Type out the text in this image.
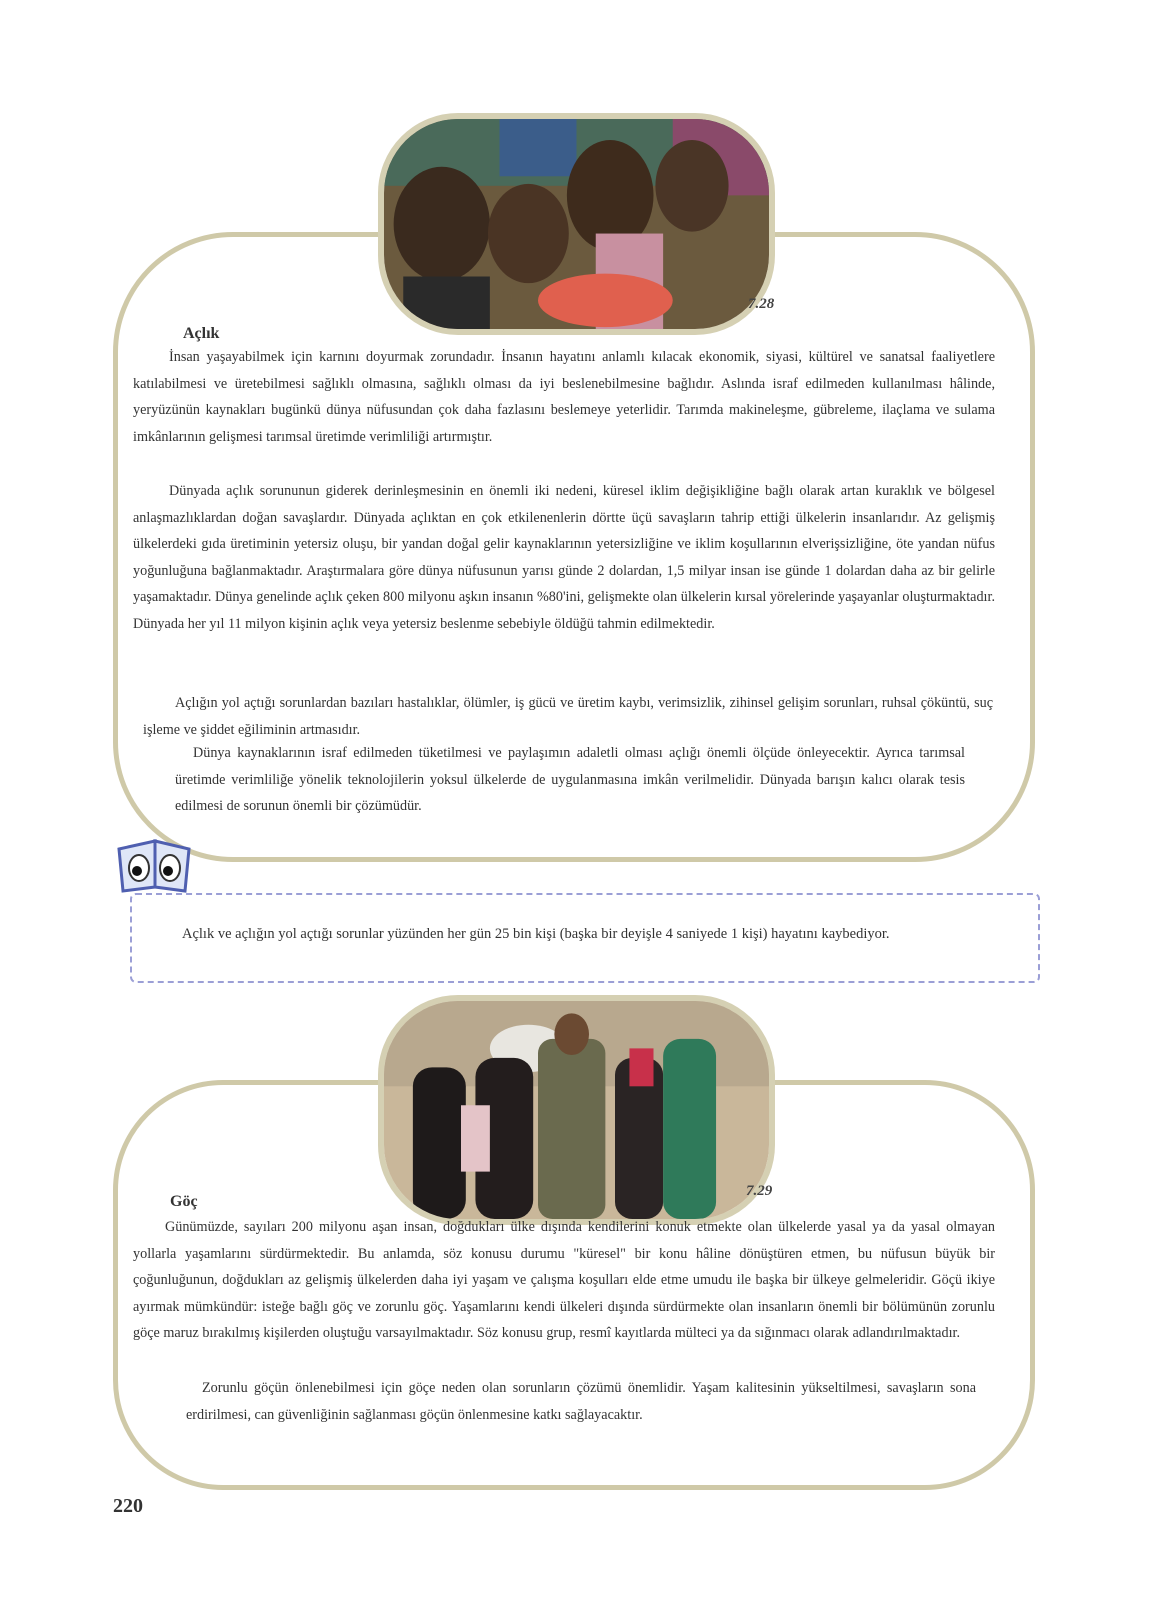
7.28
Açlık

İnsan yaşayabilmek için karnını doyurmak zorundadır. İnsanın hayatını anlamlı kılacak ekonomik, siyasi, kültürel ve sanatsal faaliyetlere katılabilmesi ve üretebilmesi sağlıklı olmasına, sağlıklı olması da iyi beslenebilmesine bağlıdır. Aslında israf edilmeden kullanılması hâlinde, yeryüzünün kaynakları bugünkü dünya nüfusundan çok daha fazlasını beslemeye yeterlidir. Tarımda makineleşme, gübreleme, ilaçlama ve sulama imkânlarının gelişmesi tarımsal üretimde verimliliği artırmıştır.

Dünyada açlık sorununun giderek derinleşmesinin en önemli iki nedeni, küresel iklim değişikliğine bağlı olarak artan kuraklık ve bölgesel anlaşmazlıklardan doğan savaşlardır. Dünyada açlıktan en çok etkilenenlerin dörtte üçü savaşların tahrip ettiği ülkelerin insanlarıdır. Az gelişmiş ülkelerdeki gıda üretiminin yetersiz oluşu, bir yandan doğal gelir kaynaklarının yetersizliğine ve iklim koşullarının elverişsizliğine, öte yandan nüfus yoğunluğuna bağlanmaktadır. Araştırmalara göre dünya nüfusunun yarısı günde 2 dolardan, 1,5 milyar insan ise günde 1 dolardan daha az bir gelirle yaşamaktadır. Dünya genelinde açlık çeken 800 milyonu aşkın insanın %80'ini, gelişmekte olan ülkelerin kırsal yörelerinde yaşayanlar oluşturmaktadır. Dünyada her yıl 11 milyon kişinin açlık veya yetersiz beslenme sebebiyle öldüğü tahmin edilmektedir.

Açlığın yol açtığı sorunlardan bazıları hastalıklar, ölümler, iş gücü ve üretim kaybı, verimsizlik, zihinsel gelişim sorunları, ruhsal çöküntü, suç işleme ve şiddet eğiliminin artmasıdır.

Dünya kaynaklarının israf edilmeden tüketilmesi ve paylaşımın adaletli olması açlığı önemli ölçüde önleyecektir. Ayrıca tarımsal üretimde verimliliğe yönelik teknolojilerin yoksul ülkelerde de uygulanmasına imkân verilmelidir. Dünyada barışın kalıcı olarak tesis edilmesi de sorunun önemli bir çözümüdür.

Açlık ve açlığın yol açtığı sorunlar yüzünden her gün 25 bin kişi (başka bir deyişle 4 saniyede 1 kişi) hayatını kaybediyor.

7.29
Göç

Günümüzde, sayıları 200 milyonu aşan insan, doğdukları ülke dışında kendilerini konuk etmekte olan ülkelerde yasal ya da yasal olmayan yollarla yaşamlarını sürdürmektedir. Bu anlamda, söz konusu durumu "küresel" bir konu hâline dönüştüren etmen, bu nüfusun büyük bir çoğunluğunun, doğdukları az gelişmiş ülkelerden daha iyi yaşam ve çalışma koşulları elde etme umudu ile başka bir ülkeye gelmeleridir. Göçü ikiye ayırmak mümkündür: isteğe bağlı göç ve zorunlu göç. Yaşamlarını kendi ülkeleri dışında sürdürmekte olan insanların önemli bir bölümünün zorunlu göçe maruz bırakılmış kişilerden oluştuğu varsayılmaktadır. Söz konusu grup, resmî kayıtlarda mülteci ya da sığınmacı olarak adlandırılmaktadır.

Zorunlu göçün önlenebilmesi için göçe neden olan sorunların çözümü önemlidir. Yaşam kalitesinin yükseltilmesi, savaşların sona erdirilmesi, can güvenliğinin sağlanması göçün önlenmesine katkı sağlayacaktır.

220
